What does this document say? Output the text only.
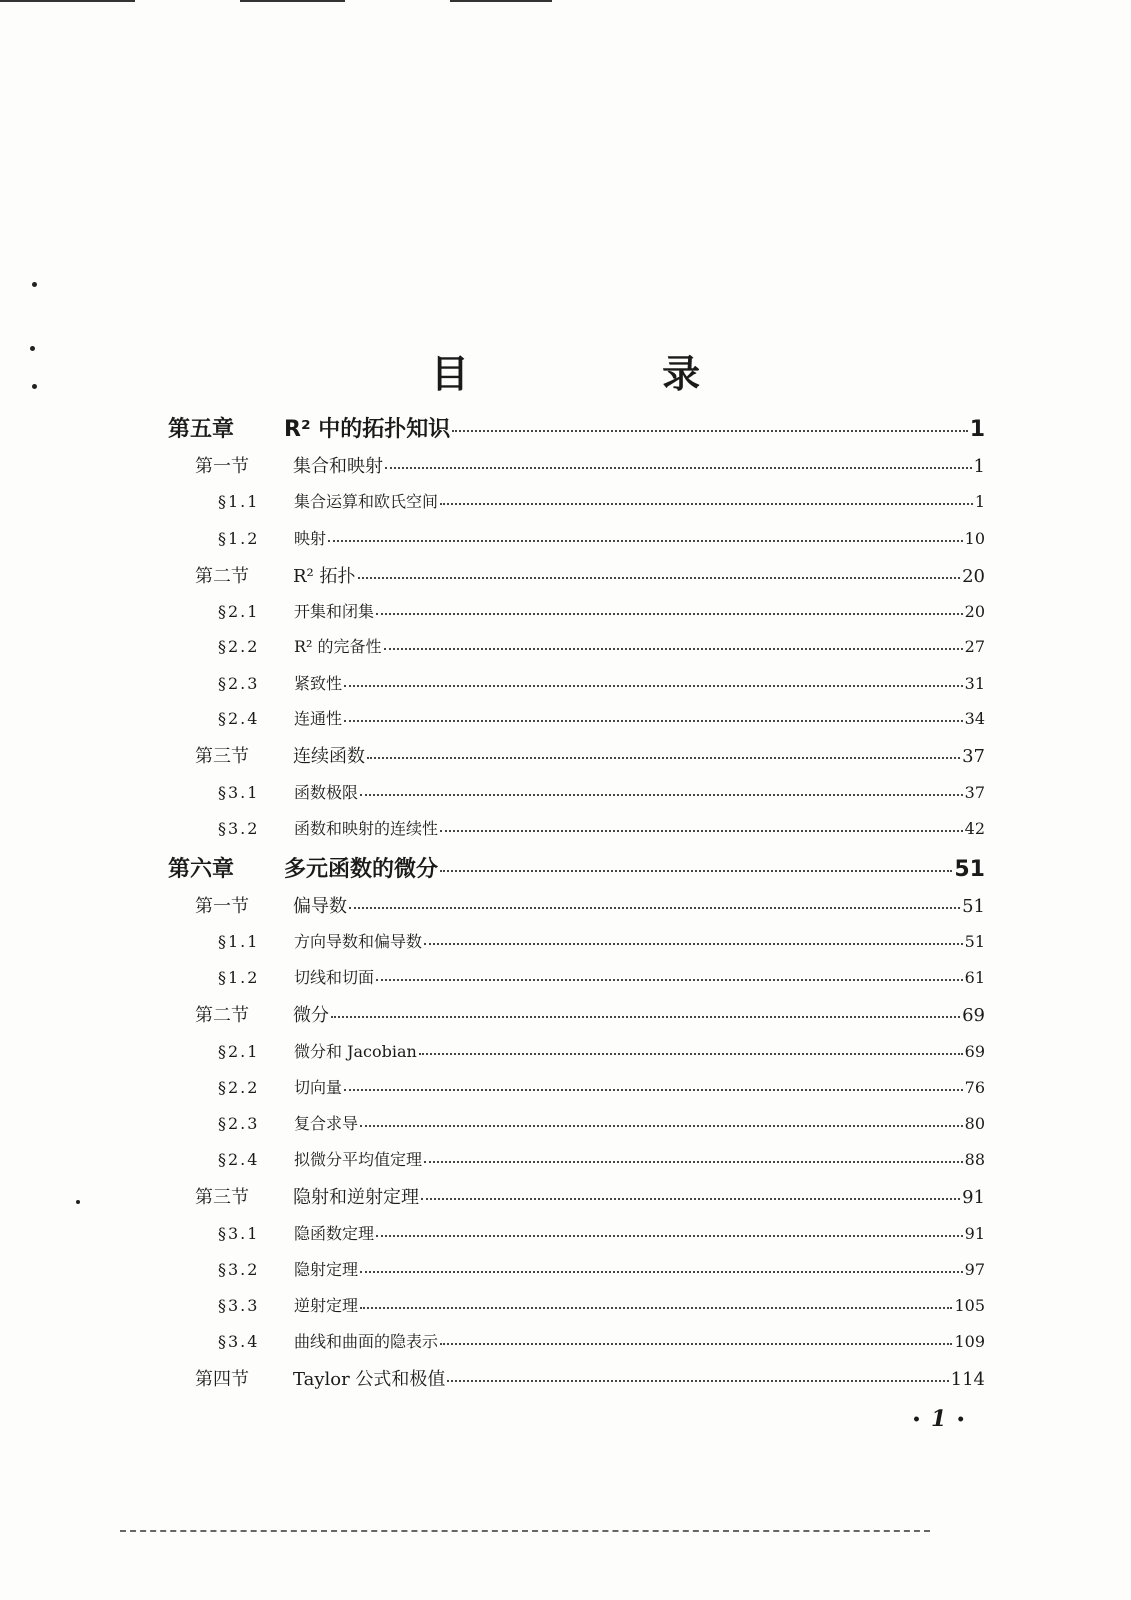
目 录
第五章	R² 中的拓扑知识	1
第一节	集合和映射	1
§1.1	集合运算和欧氏空间	1
§1.2	映射	10
第二节	R² 拓扑	20
§2.1	开集和闭集	20
§2.2	R² 的完备性	27
§2.3	紧致性	31
§2.4	连通性	34
第三节	连续函数	37
§3.1	函数极限	37
§3.2	函数和映射的连续性	42
第六章	多元函数的微分	51
第一节	偏导数	51
§1.1	方向导数和偏导数	51
§1.2	切线和切面	61
第二节	微分	69
§2.1	微分和 Jacobian	69
§2.2	切向量	76
§2.3	复合求导	80
§2.4	拟微分平均值定理	88
第三节	隐射和逆射定理	91
§3.1	隐函数定理	91
§3.2	隐射定理	97
§3.3	逆射定理	105
§3.4	曲线和曲面的隐表示	109
第四节	Taylor 公式和极值	114
• 1 •
